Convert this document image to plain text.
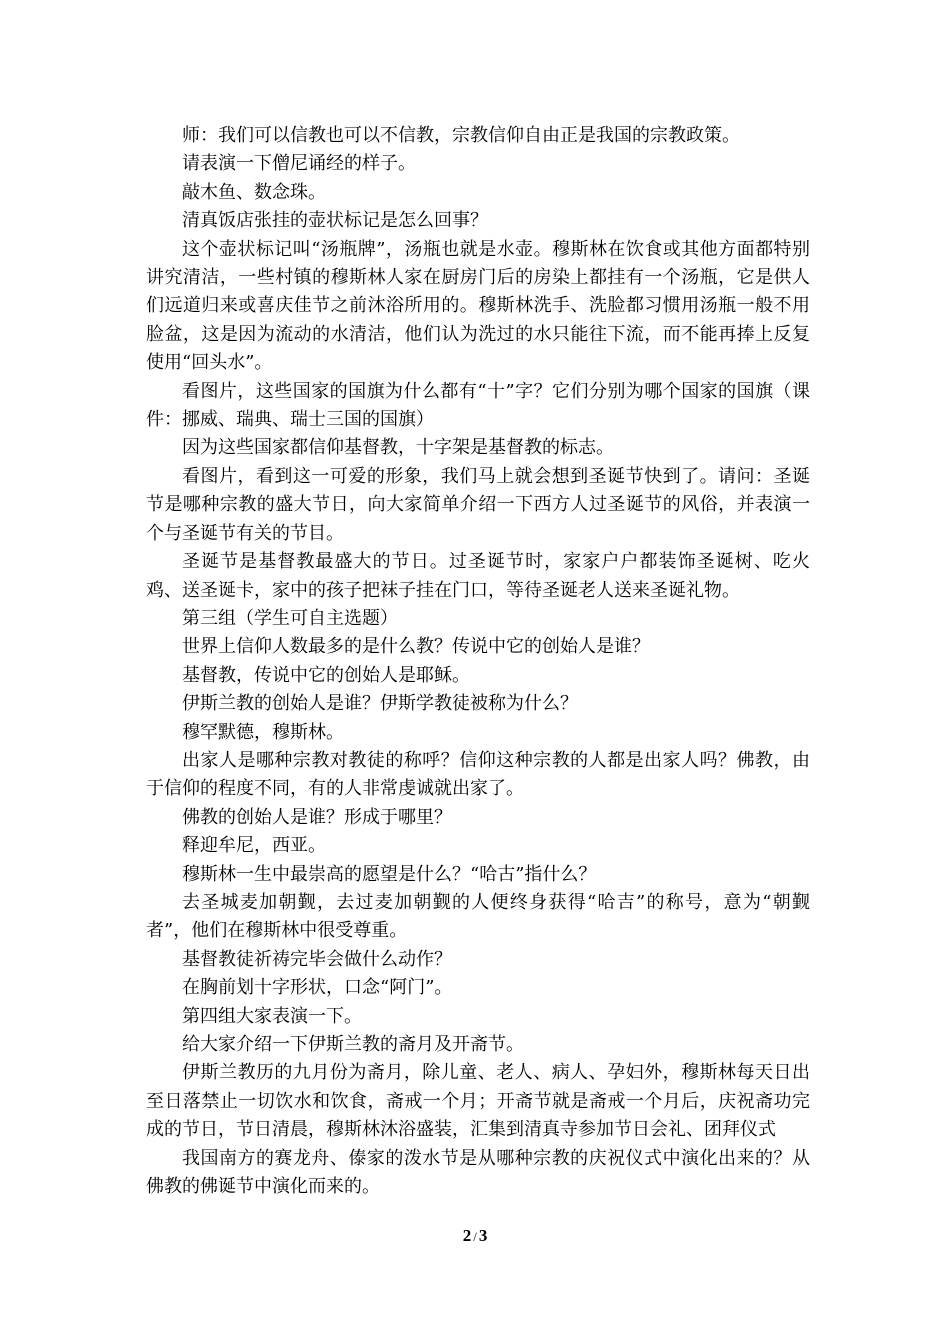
师：我们可以信教也可以不信教，宗教信仰自由正是我国的宗教政策。

请表演一下僧尼诵经的样子。

敲木鱼、数念珠。

清真饭店张挂的壶状标记是怎么回事？

这个壶状标记叫“汤瓶牌”，汤瓶也就是水壶。穆斯林在饮食或其他方面都特别讲究清洁，一些村镇的穆斯林人家在厨房门后的房染上都挂有一个汤瓶，它是供人们远道归来或喜庆佳节之前沐浴所用的。穆斯林洗手、洗脸都习惯用汤瓶一般不用脸盆，这是因为流动的水清洁，他们认为洗过的水只能往下流，而不能再捧上反复使用“回头水”。

看图片，这些国家的国旗为什么都有“十”字？它们分别为哪个国家的国旗（课件：挪威、瑞典、瑞士三国的国旗）

因为这些国家都信仰基督教，十字架是基督教的标志。

看图片，看到这一可爱的形象，我们马上就会想到圣诞节快到了。请问：圣诞节是哪种宗教的盛大节日，向大家简单介绍一下西方人过圣诞节的风俗，并表演一个与圣诞节有关的节目。

圣诞节是基督教最盛大的节日。过圣诞节时，家家户户都装饰圣诞树、吃火鸡、送圣诞卡，家中的孩子把袜子挂在门口，等待圣诞老人送来圣诞礼物。

第三组（学生可自主选题）

世界上信仰人数最多的是什么教？传说中它的创始人是谁？

基督教，传说中它的创始人是耶稣。

伊斯兰教的创始人是谁？伊斯学教徒被称为什么？

穆罕默德，穆斯林。

出家人是哪种宗教对教徒的称呼？信仰这种宗教的人都是出家人吗？佛教，由于信仰的程度不同，有的人非常虔诚就出家了。

佛教的创始人是谁？形成于哪里？

释迎牟尼，西亚。

穆斯林一生中最崇高的愿望是什么？“哈古”指什么？

去圣城麦加朝觐，去过麦加朝觐的人便终身获得“哈吉”的称号，意为“朝觐者”，他们在穆斯林中很受尊重。

基督教徒祈祷完毕会做什么动作？

在胸前划十字形状，口念“阿门”。

第四组大家表演一下。

给大家介绍一下伊斯兰教的斋月及开斋节。

伊斯兰教历的九月份为斋月，除儿童、老人、病人、孕妇外，穆斯林每天日出至日落禁止一切饮水和饮食，斋戒一个月；开斋节就是斋戒一个月后，庆祝斋功完成的节日，节日清晨，穆斯林沐浴盛装，汇集到清真寺参加节日会礼、团拜仪式

我国南方的赛龙舟、傣家的泼水节是从哪种宗教的庆祝仪式中演化出来的？从佛教的佛诞节中演化而来的。

2 / 3
